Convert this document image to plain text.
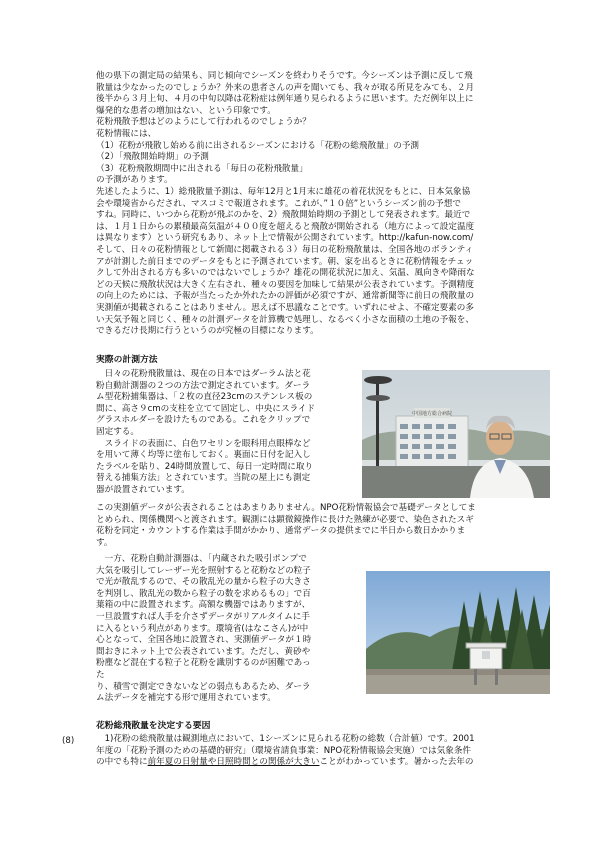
他の県下の測定局の結果も、同じ傾向でシーズンを終わりそうです。今シーズンは予測に反して飛
散量は少なかったのでしょうか？外来の患者さんの声を聞いても、我々が取る所見をみても、２月
後半から３月上旬、４月の中旬以降は花粉症は例年通り見られるように思います。ただ例年以上に
爆発的な患者の増加はない、という印象です。
花粉飛散予想はどのようにして行われるのでしょうか？
花粉情報には、
（1）花粉が飛散し始める前に出されるシーズンにおける「花粉の総飛散量」の予測
（2）「飛散開始時期」の予測
（3）花粉飛散期間中に出される「毎日の花粉飛散量」
の予測があります。

先述したように、1）総飛散量予測は、毎年12月と1月末に雄花の着花状況をもとに、日本気象協
会や環境省からだされ、マスコミで報道されます。これが、”１０倍”というシーズン前の予想で
すね。同時に、いつから花粉が飛ぶのかを、2）飛散開始時期の予測として発表されます。最近で
は、１月１日からの累積最高気温が４００度を超えると飛散が開始される（地方によって設定温度
は異なります）という研究もあり、ネット上で情報が公開されています。http://kafun-now.com/
そして、日々の花粉情報として新聞に掲載される３）毎日の花粉飛散量は、全国各地のボランティ
アが計測した前日までのデータをもとに予測されています。朝、家を出るときに花粉情報をチェッ
クして外出される方も多いのではないでしょうか？雄花の開花状況に加え、気温、風向きや降雨な
どの天候に飛散状況は大きく左右され、種々の要因を加味して結果が公表されています。予測精度
の向上のためには、予報が当たったか外れたかの評価が必須ですが、通常新聞等に前日の飛散量の
実測値が掲載されることはありません。思えば不思議なことです。いずれにせよ、不確定要素の多
い天気予報と同じく、種々の計測データを計算機で処理し、なるべく小さな面積の土地の予報を、
できるだけ長期に行うというのが究極の目標になります。

実際の計測方法

　日々の花粉飛散量は、現在の日本ではダーラム法と花
粉自動計測器の２つの方法で測定されています。ダーラ
ム型花粉捕集器は、「２枚の直径23cmのステンレス板の
間に、高さ９cmの支柱を立てて固定し、中央にスライド
グラスホルダーを設けたものである。これをクリップで
固定する。
　スライドの表面に、白色ワセリンを眼科用点眼棒など
を用いて薄く均等に塗布しておく。裏面に日付を記入し
たラベルを貼り、24時間放置して、毎日一定時間に取り
替える捕集方法」とされています。当院の屋上にも測定
器が設置されています。

中国地方総合病院

この実測値データが公表されることはあまりありません。NPO花粉情報協会で基礎データとしてま
とめられ、関係機関へと渡されます。観測には顕微鏡操作に長けた熟練が必要で、染色されたスギ
花粉を同定・カウントする作業は手間がかかり、通常データの提供までに半日から数日かかりま
す。

　一方、花粉自動計測器は、「内蔵された吸引ポンプで
大気を吸引してレーザー光を照射すると花粉などの粒子
で光が散乱するので、その散乱光の量から粒子の大きさ
を判別し、散乱光の数から粒子の数を求めるもの」で百
葉箱の中に設置されます。高額な機器ではありますが、
一旦設置すれば人手を介さずデータがリアルタイムに手
に入るという利点があります。環境省(はなこさん)が中
心となって、全国各地に設置され、実測値データが１時
間おきにネット上で公表されています。ただし、黄砂や
粉塵など混在する粒子と花粉を識別するのが困難であっ
た
り、積雪で測定できないなどの弱点もあるため、ダーラ
ム法データを補完する形で運用されています。

花粉総飛散量を決定する要因

　1)花粉の総飛散量は観測地点において、1シーズンに見られる花粉の総数（合計値）です。2001
年度の「花粉予測のための基礎的研究」（環境省請負事業：NPO花粉情報協会実施）では気象条件
の中でも特に前年夏の日射量や日照時間との関係が大きいことがわかっています。暑かった去年の

(8)
